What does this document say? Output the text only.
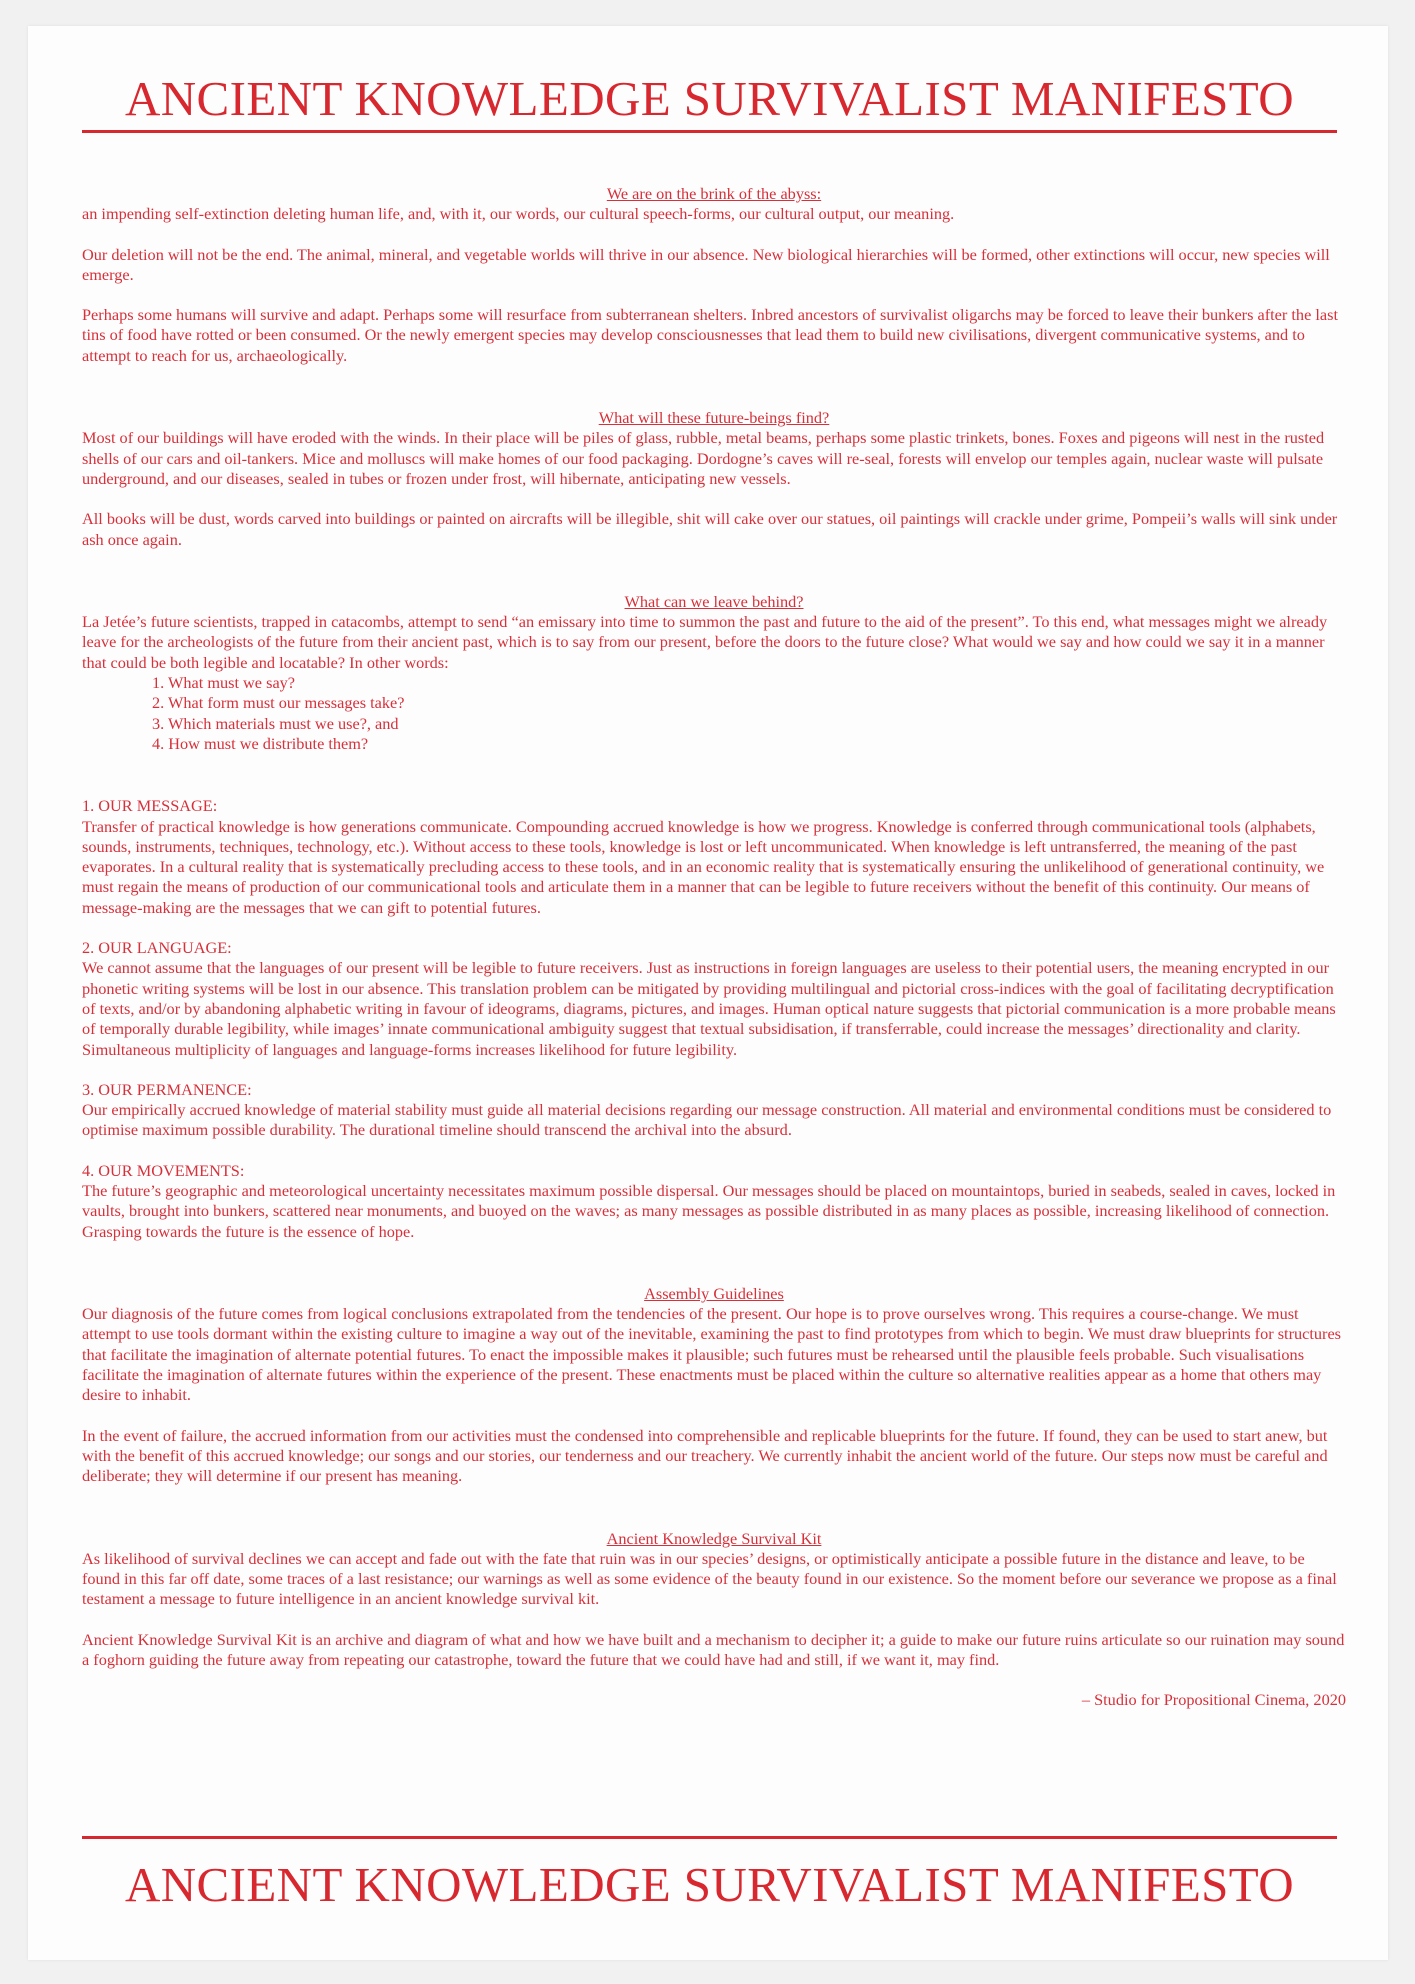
ANCIENT KNOWLEDGE SURVIVALIST MANIFESTO
We are on the brink of the abyss:

an impending self-extinction deleting human life, and, with it, our words, our cultural speech-forms, our cultural output, our meaning.

Our deletion will not be the end. The animal, mineral, and vegetable worlds will thrive in our absence. New biological hierarchies will be formed, other extinctions will occur, new species will emerge.

Perhaps some humans will survive and adapt. Perhaps some will resurface from subterranean shelters. Inbred ancestors of survivalist oligarchs may be forced to leave their bunkers after the last tins of food have rotted or been consumed. Or the newly emergent species may develop consciousnesses that lead them to build new civilisations, divergent communicative systems, and to attempt to reach for us, archaeologically.

What will these future-beings find?

Most of our buildings will have eroded with the winds. In their place will be piles of glass, rubble, metal beams, perhaps some plastic trinkets, bones. Foxes and pigeons will nest in the rusted shells of our cars and oil-tankers. Mice and molluscs will make homes of our food packaging. Dordogne’s caves will re-seal, forests will envelop our temples again, nuclear waste will pulsate underground, and our diseases, sealed in tubes or frozen under frost, will hibernate, anticipating new vessels.

All books will be dust, words carved into buildings or painted on aircrafts will be illegible, shit will cake over our statues, oil paintings will crackle under grime, Pompeii’s walls will sink under ash once again.

What can we leave behind?
La Jetée’s future scientists, trapped in catacombs, attempt to send “an emissary into time to summon the past and future to the aid of the present”. To this end, what messages might we already leave for the archeologists of the future from their ancient past, which is to say from our present, before the doors to the future close? What would we say and how could we say it in a manner that could be both legible and locatable? In other words:
1. What must we say?
2. What form must our messages take?
3. Which materials must we use?, and
4. How must we distribute them?
1. OUR MESSAGE:

Transfer of practical knowledge is how generations communicate. Compounding accrued knowledge is how we progress. Knowledge is conferred through communicational tools (alphabets, sounds, instruments, techniques, technology, etc.). Without access to these tools, knowledge is lost or left uncommunicated. When knowledge is left untransferred, the meaning of the past evaporates. In a cultural reality that is systematically precluding access to these tools, and in an economic reality that is systematically ensuring the unlikelihood of generational continuity, we must regain the means of production of our communicational tools and articulate them in a manner that can be legible to future receivers without the benefit of this continuity. Our means of message-making are the messages that we can gift to potential futures.

2. OUR LANGUAGE:

We cannot assume that the languages of our present will be legible to future receivers. Just as instructions in foreign languages are useless to their potential users, the meaning encrypted in our phonetic writing systems will be lost in our absence. This translation problem can be mitigated by providing multilingual and pictorial cross-indices with the goal of facilitating decryptification of texts, and/or by abandoning alphabetic writing in favour of ideograms, diagrams, pictures, and images. Human optical nature suggests that pictorial communication is a more probable means of temporally durable legibility, while images’ innate communicational ambiguity suggest that textual subsidisation, if transferrable, could increase the messages’ directionality and clarity. Simultaneous multiplicity of languages and language-forms increases likelihood for future legibility.

3. OUR PERMANENCE:

Our empirically accrued knowledge of material stability must guide all material decisions regarding our message construction. All material and environmental conditions must be considered to optimise maximum possible durability. The durational timeline should transcend the archival into the absurd.

4. OUR MOVEMENTS:

The future’s geographic and meteorological uncertainty necessitates maximum possible dispersal. Our messages should be placed on mountaintops, buried in seabeds, sealed in caves, locked in vaults, brought into bunkers, scattered near monuments, and buoyed on the waves; as many messages as possible distributed in as many places as possible, increasing likelihood of connection. Grasping towards the future is the essence of hope.

Assembly Guidelines

Our diagnosis of the future comes from logical conclusions extrapolated from the tendencies of the present. Our hope is to prove ourselves wrong. This requires a course-change. We must attempt to use tools dormant within the existing culture to imagine a way out of the inevitable, examining the past to find prototypes from which to begin. We must draw blueprints for structures that facilitate the imagination of alternate potential futures. To enact the impossible makes it plausible; such futures must be rehearsed until the plausible feels probable. Such visualisations facilitate the imagination of alternate futures within the experience of the present. These enactments must be placed within the culture so alternative realities appear as a home that others may desire to inhabit.

In the event of failure, the accrued information from our activities must the condensed into comprehensible and replicable blueprints for the future. If found, they can be used to start anew, but with the benefit of this accrued knowledge; our songs and our stories, our tenderness and our treachery. We currently inhabit the ancient world of the future. Our steps now must be careful and deliberate; they will determine if our present has meaning.

Ancient Knowledge Survival Kit

As likelihood of survival declines we can accept and fade out with the fate that ruin was in our species’ designs, or optimistically anticipate a possible future in the distance and leave, to be found in this far off date, some traces of a last resistance; our warnings as well as some evidence of the beauty found in our existence. So the moment before our severance we propose as a final testament a message to future intelligence in an ancient knowledge survival kit.

Ancient Knowledge Survival Kit is an archive and diagram of what and how we have built and a mechanism to decipher it; a guide to make our future ruins articulate so our ruination may sound a foghorn guiding the future away from repeating our catastrophe, toward the future that we could have had and still, if we want it, may find.

– Studio for Propositional Cinema, 2020
ANCIENT KNOWLEDGE SURVIVALIST MANIFESTO
